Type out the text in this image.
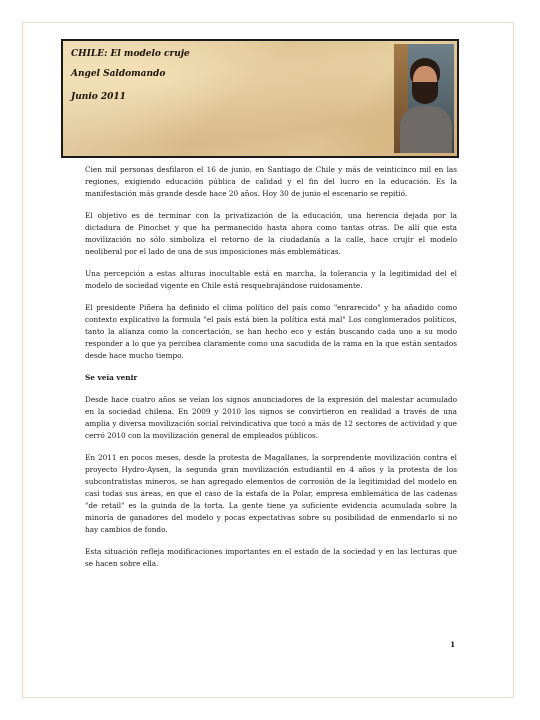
CHILE: El modelo cruje
Angel Saldomando
Junio 2011

Cien mil personas desfilaron el 16 de junio, en Santiago de Chile y más de veinticinco mil en las regiones, exigiendo educación pública de calidad y el fin del lucro en la educación. Es la manifestación más grande desde hace 20 años. Hoy 30 de junio el escenario se repitió.

El objetivo es de terminar con la privatización de la educación, una herencia dejada por la dictadura de Pinochet y que ha permanecido hasta ahora como tantas otras. De allí que esta movilización no sólo simboliza el retorno de la ciudadanía a la calle, hace crujir el modelo neoliberal por el lado de una de sus imposiciones más emblemáticas.

Una percepción a estas alturas inocultable está en marcha, la tolerancia y la legitimidad del el modelo de sociedad vigente en Chile está resquebrajándose ruidosamente.

El presidente Piñera ha definido el clima político del país como "enrarecido" y ha añadido como contexto explicativo la formula "el país está bien la política está mal" Los conglomerados políticos, tanto la alianza como la concertación, se han hecho eco y están buscando cada uno a su modo responder a lo que ya percibea claramente como una sacudida de la rama en la que están sentados desde hace mucho tiempo.

Se veía venir

Desde hace cuatro años se veían los signos anunciadores de la expresión del malestar acumulado en la sociedad chilena. En 2009 y 2010 los signos se convirtieron en realidad a través de una amplia y diversa movilización social reivindicativa que tocó a más de 12 sectores de actividad y que cerró 2010 con la movilización general de empleados públicos.

En 2011 en pocos meses, desde la protesta de Magallanes, la sorprendente movilización contra el proyecto Hydro-Aysen, la segunda gran movilización estudiantil en 4 años y la protesta de los subcontratistas mineros, se han agregado elementos de corrosión de la legitimidad del modelo en casi todas sus áreas, en que el caso de la estafa de la Polar, empresa emblemática de las cadenas "de retail" es la guinda de la torta. La gente tiene ya suficiente evidencia acumulada sobre la minoría de ganadores del modelo y pocas expectativas sobre su posibilidad de enmendarlo si no hay cambios de fondo.

Esta situación refleja modificaciones importantes en el estado de la sociedad y en las lecturas que se hacen sobre ella.

1
